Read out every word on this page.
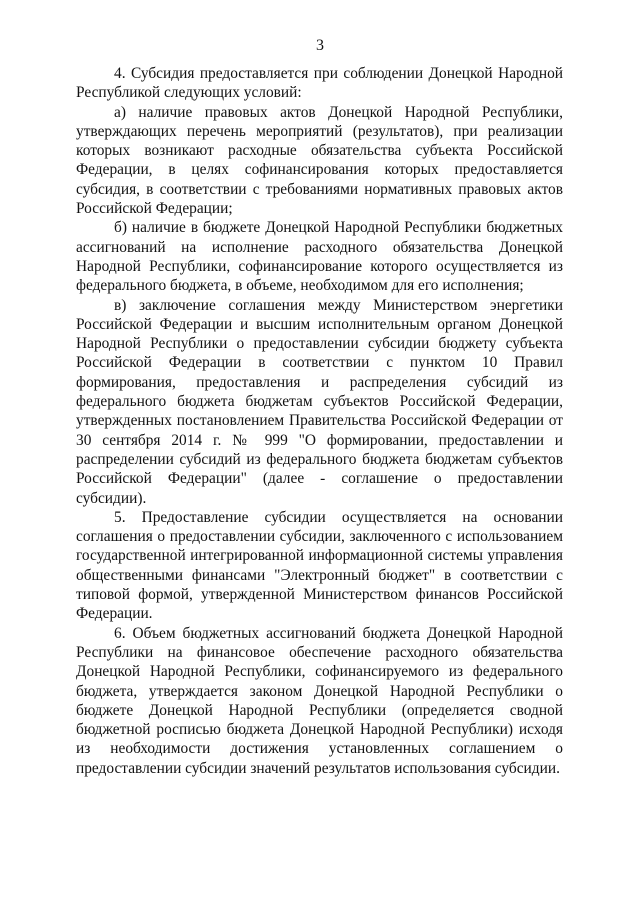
3

4. Субсидия предоставляется при соблюдении Донецкой Народной Республикой следующих условий:

а) наличие правовых актов Донецкой Народной Республики, утверждающих перечень мероприятий (результатов), при реализации которых возникают расходные обязательства субъекта Российской Федерации, в целях софинансирования которых предоставляется субсидия, в соответствии с требованиями нормативных правовых актов Российской Федерации;

б) наличие в бюджете Донецкой Народной Республики бюджетных ассигнований на исполнение расходного обязательства Донецкой Народной Республики, софинансирование которого осуществляется из федерального бюджета, в объеме, необходимом для его исполнения;

в) заключение соглашения между Министерством энергетики Российской Федерации и высшим исполнительным органом Донецкой Народной Республики о предоставлении субсидии бюджету субъекта Российской Федерации в соответствии с пунктом 10 Правил формирования, предоставления и распределения субсидий из федерального бюджета бюджетам субъектов Российской Федерации, утвержденных постановлением Правительства Российской Федерации от 30 сентября 2014 г. № 999 "О формировании, предоставлении и распределении субсидий из федерального бюджета бюджетам субъектов Российской Федерации" (далее - соглашение о предоставлении субсидии).

5. Предоставление субсидии осуществляется на основании соглашения о предоставлении субсидии, заключенного с использованием государственной интегрированной информационной системы управления общественными финансами "Электронный бюджет" в соответствии с типовой формой, утвержденной Министерством финансов Российской Федерации.

6. Объем бюджетных ассигнований бюджета Донецкой Народной Республики на финансовое обеспечение расходного обязательства Донецкой Народной Республики, софинансируемого из федерального бюджета, утверждается законом Донецкой Народной Республики о бюджете Донецкой Народной Республики (определяется сводной бюджетной росписью бюджета Донецкой Народной Республики) исходя из необходимости достижения установленных соглашением о предоставлении субсидии значений результатов использования субсидии.
